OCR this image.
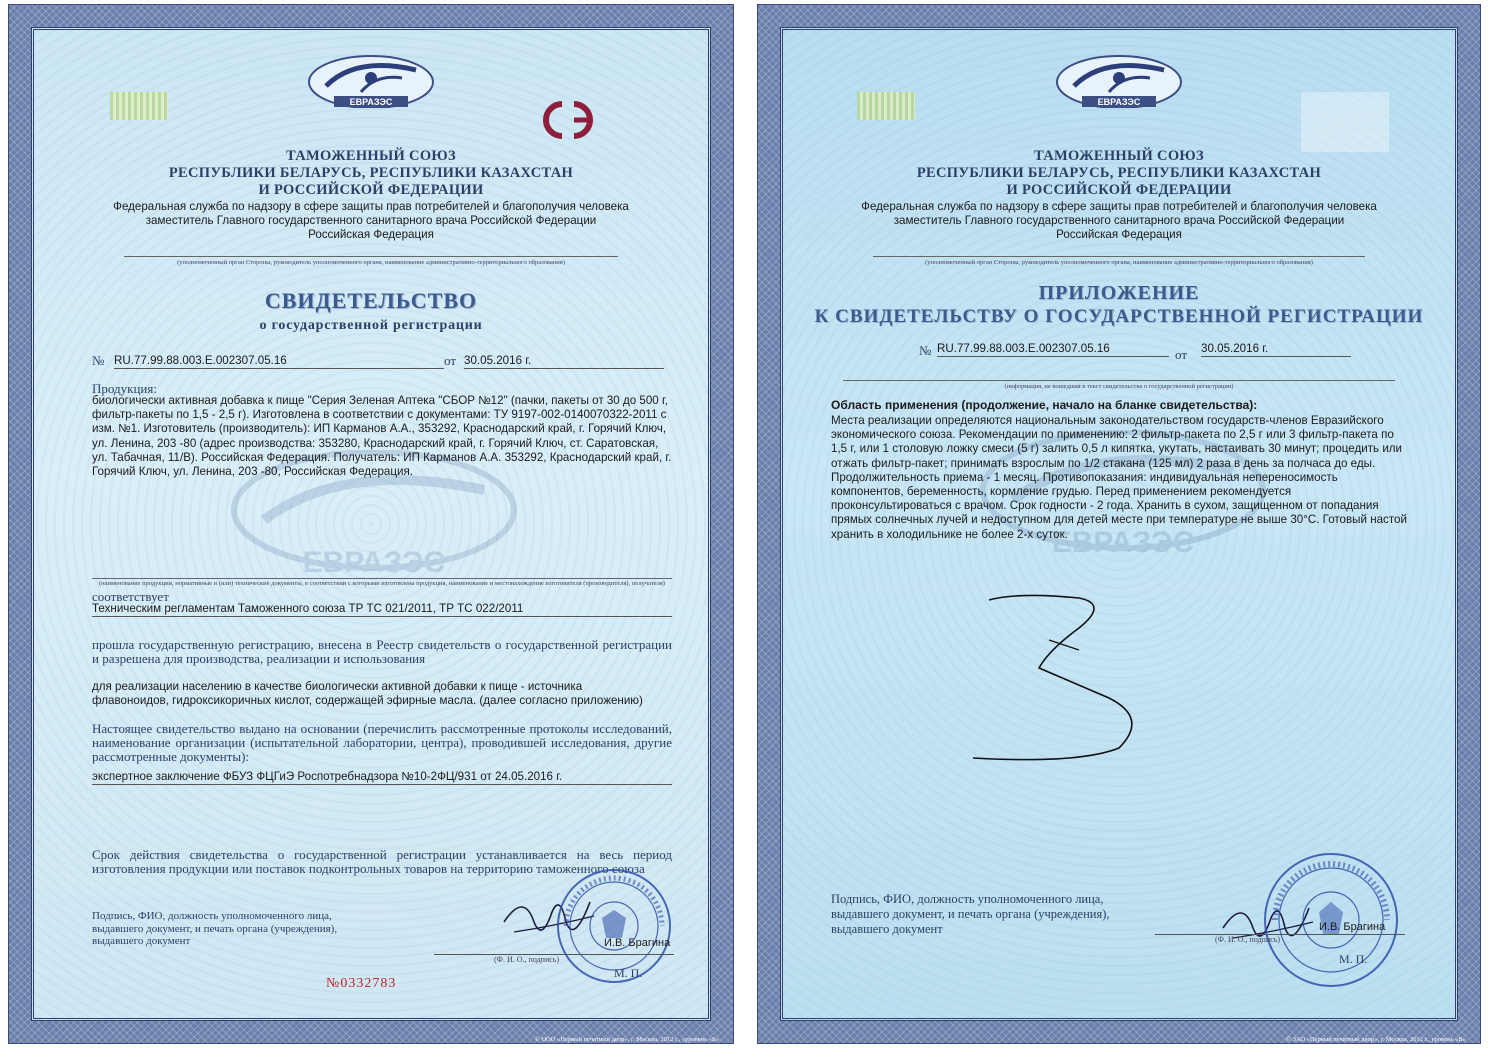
ЕВРАЗЭС
ТАМОЖЕННЫЙ СОЮЗ
РЕСПУБЛИКИ БЕЛАРУСЬ, РЕСПУБЛИКИ КАЗАХСТАН
И РОССИЙСКОЙ ФЕДЕРАЦИИ
Федеральная служба по надзору в сфере защиты прав потребителей и благополучия человека
заместитель Главного государственного санитарного врача Российской Федерации
Российская Федерация
(уполномоченный орган Стороны, руководитель уполномоченного органа, наименование административно-территориального образования)
СВИДЕТЕЛЬСТВО
о государственной регистрации
№ RU.77.99.88.003.E.002307.05.16	от 30.05.2016 г.
ЕВРАЗЭС
Продукция:
биологически активная добавка к пище "Серия Зеленая Аптека "СБОР №12" (пачки, пакеты от 30 до 500 г, фильтр-пакеты по 1,5 - 2,5 г). Изготовлена в соответствии с документами: ТУ 9197-002-0140070322-2011 с изм. №1. Изготовитель (производитель): ИП Карманов А.А., 353292, Краснодарский край, г. Горячий Ключ, ул. Ленина, 203 -80 (адрес производства: 353280, Краснодарский край, г. Горячий Ключ, ст. Саратовская, ул. Табачная, 11/В). Российская Федерация. Получатель: ИП Карманов А.А. 353292, Краснодарский край, г. Горячий Ключ, ул. Ленина, 203 -80, Российская Федерация.
(наименование продукции, нормативные и (или) технические документы, в соответствии с которыми изготовлена продукция, наименование и местонахождение изготовителя (производителя), получателя)
соответствует
Техническим регламентам Таможенного союза ТР ТС 021/2011, ТР ТС 022/2011
прошла государственную регистрацию, внесена в Реестр свидетельств о государственной регистрации и разрешена для производства, реализации и использования
для реализации населению в качестве биологически активной добавки к пище - источника флавоноидов, гидроксикоричных кислот, содержащей эфирные масла. (далее согласно приложению)
Настоящее свидетельство выдано на основании (перечислить рассмотренные протоколы исследований, наименование организации (испытательной лаборатории, центра), проводившей исследования, другие рассмотренные документы):
экспертное заключение ФБУЗ ФЦГиЭ Роспотребнадзора №10-2ФЦ/931 от 24.05.2016 г.
Срок действия свидетельства о государственной регистрации устанавливается на весь период изготовления продукции или поставок подконтрольных товаров на территорию таможенного союза
Подпись, ФИО, должность уполномоченного лица, выдавшего документ, и печать органа (учреждения), выдавшего документ	И.В. Брагина
(Ф. И. О., подпись)
М. П.
№0332783
© ООО «Первый печатный двор», г. Москва, 2012 г., «уровень «Б»
ЕВРАЗЭС
ТАМОЖЕННЫЙ СОЮЗ
РЕСПУБЛИКИ БЕЛАРУСЬ, РЕСПУБЛИКИ КАЗАХСТАН
И РОССИЙСКОЙ ФЕДЕРАЦИИ
Федеральная служба по надзору в сфере защиты прав потребителей и благополучия человека
заместитель Главного государственного санитарного врача Российской Федерации
Российская Федерация
(уполномоченный орган Стороны, руководитель уполномоченного органа, наименование административно-территориального образования)
ПРИЛОЖЕНИЕ
К СВИДЕТЕЛЬСТВУ О ГОСУДАРСТВЕННОЙ РЕГИСТРАЦИИ
№ RU.77.99.88.003.E.002307.05.16	от 30.05.2016 г.
(информация, не вошедшая в текст свидетельства о государственной регистрации)
ЕВРАЗЭС
Область применения (продолжение, начало на бланке свидетельства):
Места реализации определяются национальным законодательством государств-членов Евразийского экономического союза. Рекомендации по применению: 2 фильтр-пакета по 2,5 г или 3 фильтр-пакета по 1,5 г, или 1 столовую ложку смеси (5 г) залить 0,5 л кипятка, укутать, настаивать 30 минут; процедить или отжать фильтр-пакет; принимать взрослым по 1/2 стакана (125 мл) 2 раза в день за полчаса до еды. Продолжительность приема - 1 месяц. Противопоказания: индивидуальная непереносимость компонентов, беременность, кормление грудью. Перед применением рекомендуется проконсультироваться с врачом. Срок годности - 2 года. Хранить в сухом, защищенном от попадания прямых солнечных лучей и недоступном для детей месте при температуре не выше 30°С. Готовый настой хранить в холодильнике не более 2-х суток.
Подпись, ФИО, должность уполномоченного лица, выдавшего документ, и печать органа (учреждения), выдавшего документ	И.В. Брагина
(Ф. И. О., подпись)
М. П.
© ЗАО «Первый печатный двор», г. Москва, 2012 г., уровень «В»
